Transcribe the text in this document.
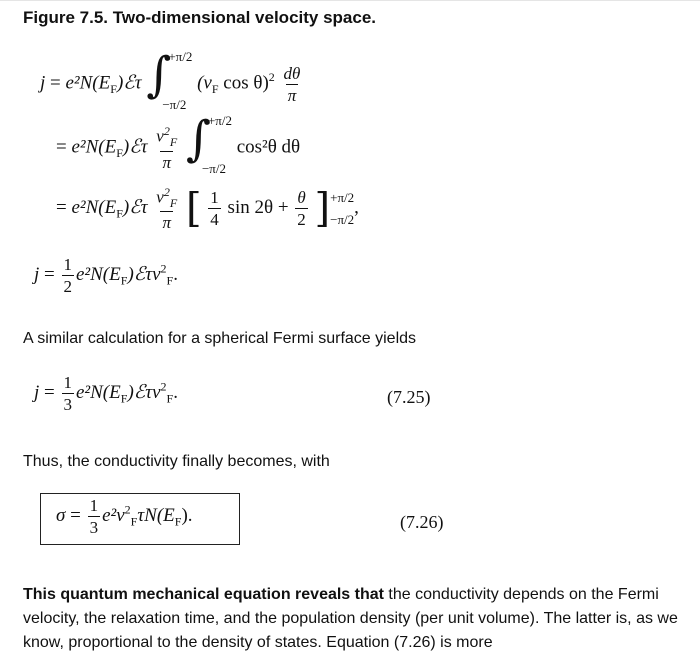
Figure 7.5. Two-dimensional velocity space.
$j = e^2N(E_F)ℰ\tau$ ∫
+π/2
−π/2
($v_F$ $\cos \theta)^2 \frac{d\theta}{\pi}$
= $e^2N(E_F)ℰ\tau \frac{v^2_F}{\pi}$
∫
+π/2
−π/2
cos²θ dθ
= $e^2N(E_F)ℰ\tau \frac{v^2_F}{\pi}$ [ $\frac{1}{4}$ $\sin 2\theta + \frac{\theta}{2}$ ] +π/2
−π/2
,
$j = \frac{1}{2}$ $e^2N(E_F)ℰ\tau v^2_F$.
A similar calculation for a spherical Fermi surface yields
$j = \frac{1}{3}$ $e^2N(E_F)ℰ\tau v^2_F$.	(7.25)
Thus, the conductivity finally becomes, with
$\sigma = \frac{1}{3} e^2v^2_F\tau N(E_F)$.	(7.26)
This quantum mechanical equation reveals that the conductivity depends on the Fermi velocity, the relaxation time, and the population density (per unit volume). The latter is, as we know, proportional to the density of states. Equation (7.26) is more
